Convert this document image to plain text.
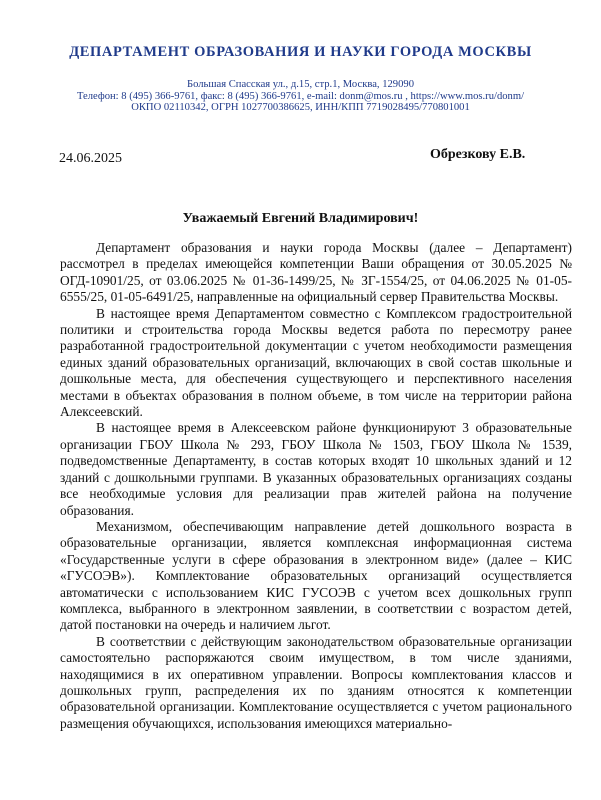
ДЕПАРТАМЕНТ ОБРАЗОВАНИЯ И НАУКИ ГОРОДА МОСКВЫ
Большая Спасская ул., д.15, стр.1, Москва, 129090
Телефон: 8 (495) 366-9761, факс: 8 (495) 366-9761, e-mail: donm@mos.ru , https://www.mos.ru/donm/
ОКПО 02110342, ОГРН 1027700386625, ИНН/КПП 7719028495/770801001
24.06.2025	Обрезкову Е.В.
Уважаемый Евгений Владимирович!

Департамент образования и науки города Москвы (далее – Департамент) рассмотрел в пределах имеющейся компетенции Ваши обращения от 30.05.2025 № ОГД-10901/25, от 03.06.2025 № 01-36-1499/25, № ЗГ-1554/25, от 04.06.2025 № 01-05-6555/25, 01-05-6491/25, направленные на официальный сервер Правительства Москвы.

В настоящее время Департаментом совместно с Комплексом градостроительной политики и строительства города Москвы ведется работа по пересмотру ранее разработанной градостроительной документации с учетом необходимости размещения единых зданий образовательных организаций, включающих в свой состав школьные и дошкольные места, для обеспечения существующего и перспективного населения местами в объектах образования в полном объеме, в том числе на территории района Алексеевский.

В настоящее время в Алексеевском районе функционируют 3 образовательные организации ГБОУ Школа № 293, ГБОУ Школа № 1503, ГБОУ Школа № 1539, подведомственные Департаменту, в состав которых входят 10 школьных зданий и 12 зданий с дошкольными группами. В указанных образовательных организациях созданы все необходимые условия для реализации прав жителей района на получение образования.

Механизмом, обеспечивающим направление детей дошкольного возраста в образовательные организации, является комплексная информационная система «Государственные услуги в сфере образования в электронном виде» (далее – КИС «ГУСОЭВ»). Комплектование образовательных организаций осуществляется автоматически с использованием КИС ГУСОЭВ с учетом всех дошкольных групп комплекса, выбранного в электронном заявлении, в соответствии с возрастом детей, датой постановки на очередь и наличием льгот.

В соответствии с действующим законодательством образовательные организации самостоятельно распоряжаются своим имуществом, в том числе зданиями, находящимися в их оперативном управлении. Вопросы комплектования классов и дошкольных групп, распределения их по зданиям относятся к компетенции образовательной организации. Комплектование осуществляется с учетом рационального размещения обучающихся, использования имеющихся материально-
